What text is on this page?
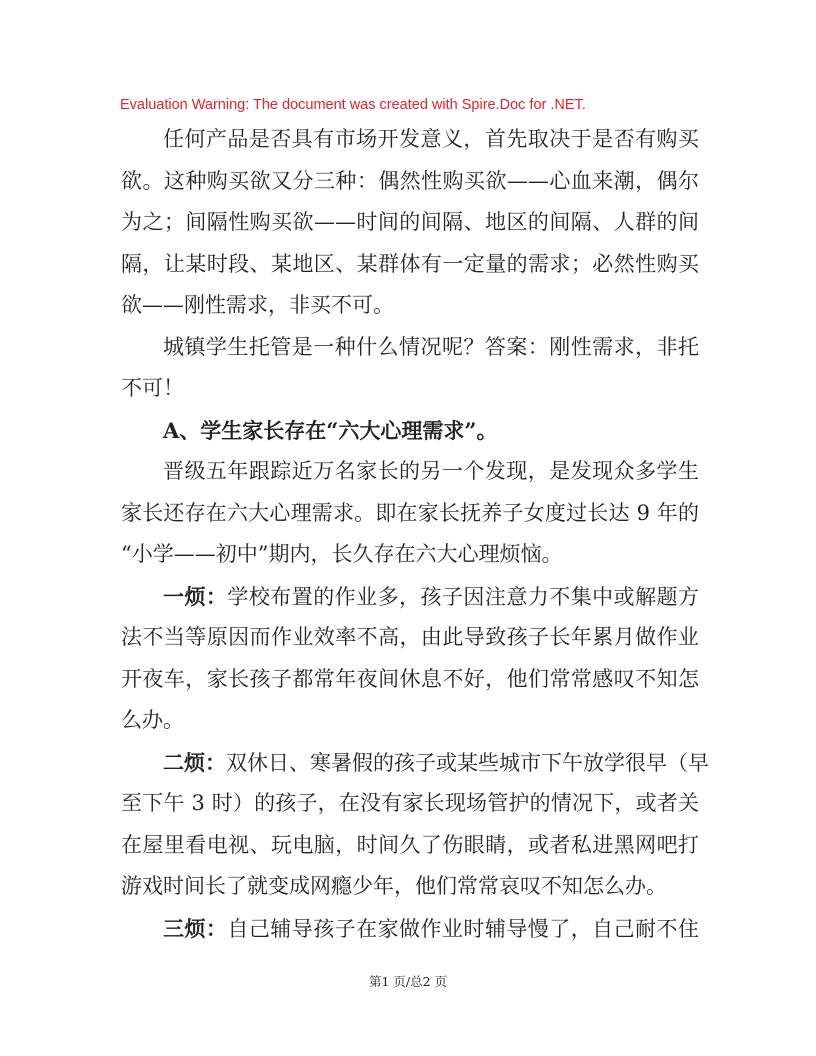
Evaluation Warning: The document was created with Spire.Doc for .NET.
任何产品是否具有市场开发意义，首先取决于是否有购买
欲。这种购买欲又分三种：偶然性购买欲——心血来潮，偶尔
为之；间隔性购买欲——时间的间隔、地区的间隔、人群的间
隔，让某时段、某地区、某群体有一定量的需求；必然性购买
欲——刚性需求，非买不可。
城镇学生托管是一种什么情况呢？答案：刚性需求，非托
不可！
A、学生家长存在“六大心理需求”。
晋级五年跟踪近万名家长的另一个发现，是发现众多学生
家长还存在六大心理需求。即在家长抚养子女度过长达 9 年的
“小学——初中”期内，长久存在六大心理烦恼。
一烦：学校布置的作业多，孩子因注意力不集中或解题方
法不当等原因而作业效率不高，由此导致孩子长年累月做作业
开夜车，家长孩子都常年夜间休息不好，他们常常感叹不知怎
么办。
二烦：双休日、寒暑假的孩子或某些城市下午放学很早（早
至下午 3 时）的孩子，在没有家长现场管护的情况下，或者关
在屋里看电视、玩电脑，时间久了伤眼睛，或者私进黑网吧打
游戏时间长了就变成网瘾少年，他们常常哀叹不知怎么办。
三烦：自己辅导孩子在家做作业时辅导慢了，自己耐不住
第1 页/总2 页
